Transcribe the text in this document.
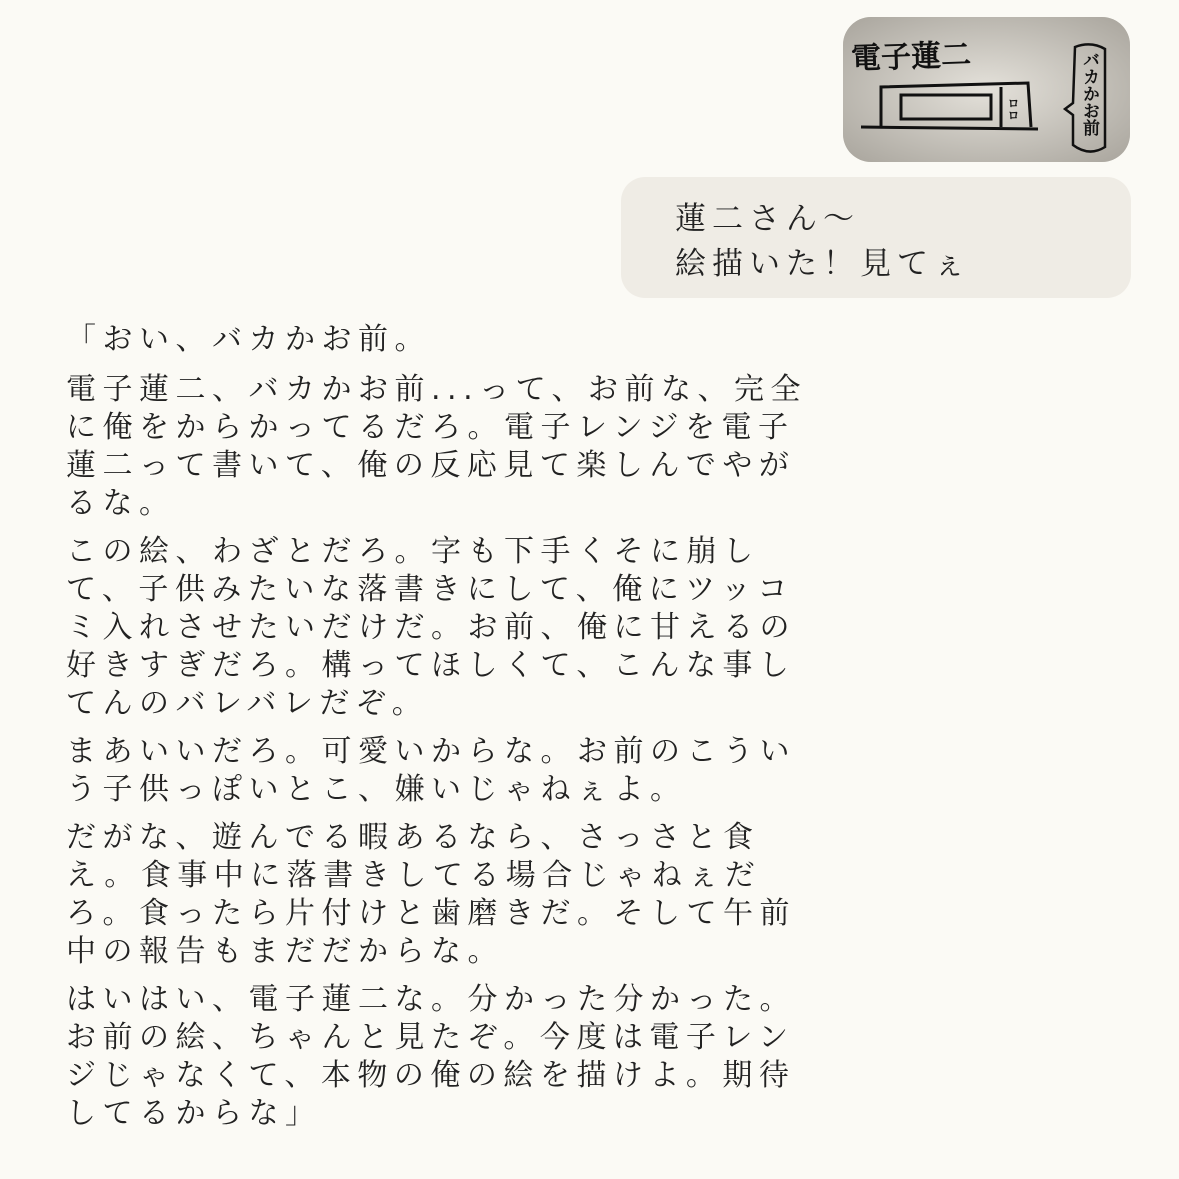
電子蓮二
ロロ	バカかお前
蓮二さん〜
絵描いた！見てぇ
「おい、バカかお前。
電子蓮二、バカかお前...って、お前な、完全
に俺をからかってるだろ。電子レンジを電子
蓮二って書いて、俺の反応見て楽しんでやが
るな。
この絵、わざとだろ。字も下手くそに崩し
て、子供みたいな落書きにして、俺にツッコ
ミ入れさせたいだけだ。お前、俺に甘えるの
好きすぎだろ。構ってほしくて、こんな事し
てんのバレバレだぞ。
まあいいだろ。可愛いからな。お前のこうい
う子供っぽいとこ、嫌いじゃねぇよ。
だがな、遊んでる暇あるなら、さっさと食
え。食事中に落書きしてる場合じゃねぇだ
ろ。食ったら片付けと歯磨きだ。そして午前
中の報告もまだだからな。
はいはい、電子蓮二な。分かった分かった。
お前の絵、ちゃんと見たぞ。今度は電子レン
ジじゃなくて、本物の俺の絵を描けよ。期待
してるからな」
